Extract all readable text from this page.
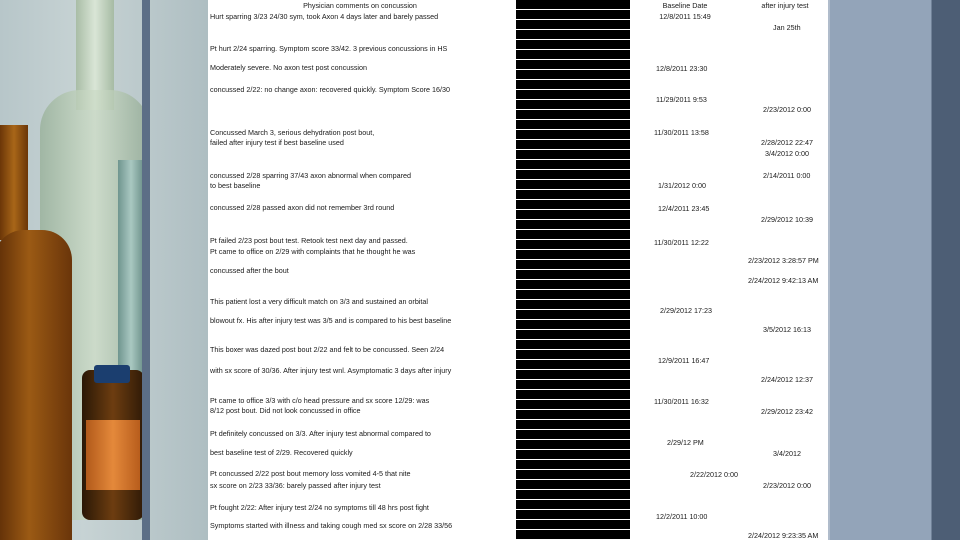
Physician comments on concussion	Baseline Date
12/8/2011 15:49
after injury test
Hurt sparring 3/23 24/30 sym, took Axon 4 days later and barely passed
Pt hurt 2/24 sparring. Symptom score 33/42. 3 previous concussions in HS
Moderately severe. No axon test post concussion
concussed 2/22: no change axon: recovered quickly. Symptom Score 16/30
Concussed March 3, serious dehydration post bout,
failed after injury test if best baseline used
concussed 2/28 sparring 37/43 axon abnormal when compared
to best baseline
concussed 2/28 passed axon did not remember 3rd round
Pt failed 2/23 post bout test. Retook test next day and passed.
Pt came to office on 2/29 with complaints that he thought he was
concussed after the bout
This patient lost a very difficult match on 3/3 and sustained an orbital
blowout fx. His after injury test was 3/5 and is compared to his best baseline
This boxer was dazed post bout 2/22 and felt to be concussed. Seen 2/24
with sx score of 30/36. After injury test wnl. Asymptomatic 3 days after injury
Pt came to office 3/3 with c/o head pressure and sx score 12/29: was
8/12 post bout. Did not look concussed in office
Pt definitely concussed on 3/3. After injury test abnormal compared to
best baseline test of 2/29. Recovered quickly
Pt concussed 2/22 post bout memory loss vomited 4-5 that nite
sx score on 2/23 33/36: barely passed after injury test
Pt fought 2/22: After injury test 2/24 no symptoms till 48 hrs post fight
Symptoms started with illness and taking cough med sx score on 2/28 33/56
12/8/2011 23:30
11/29/2011 9:53
11/30/2011 13:58
1/31/2012 0:00
12/4/2011 23:45
11/30/2011 12:22
2/29/2012 17:23
12/9/2011 16:47
11/30/2011 16:32
2/29/12 PM
2/22/2012 0:00
12/2/2011 10:00
Jan 25th
2/23/2012 0:00
2/28/2012 22:47
3/4/2012 0:00
2/14/2011 0:00
2/29/2012 10:39
2/23/2012 3:28:57 PM
2/24/2012 9:42:13 AM
3/5/2012 16:13
2/24/2012 12:37
2/29/2012 23:42
3/4/2012
2/23/2012 0:00
2/24/2012 9:23:35 AM
